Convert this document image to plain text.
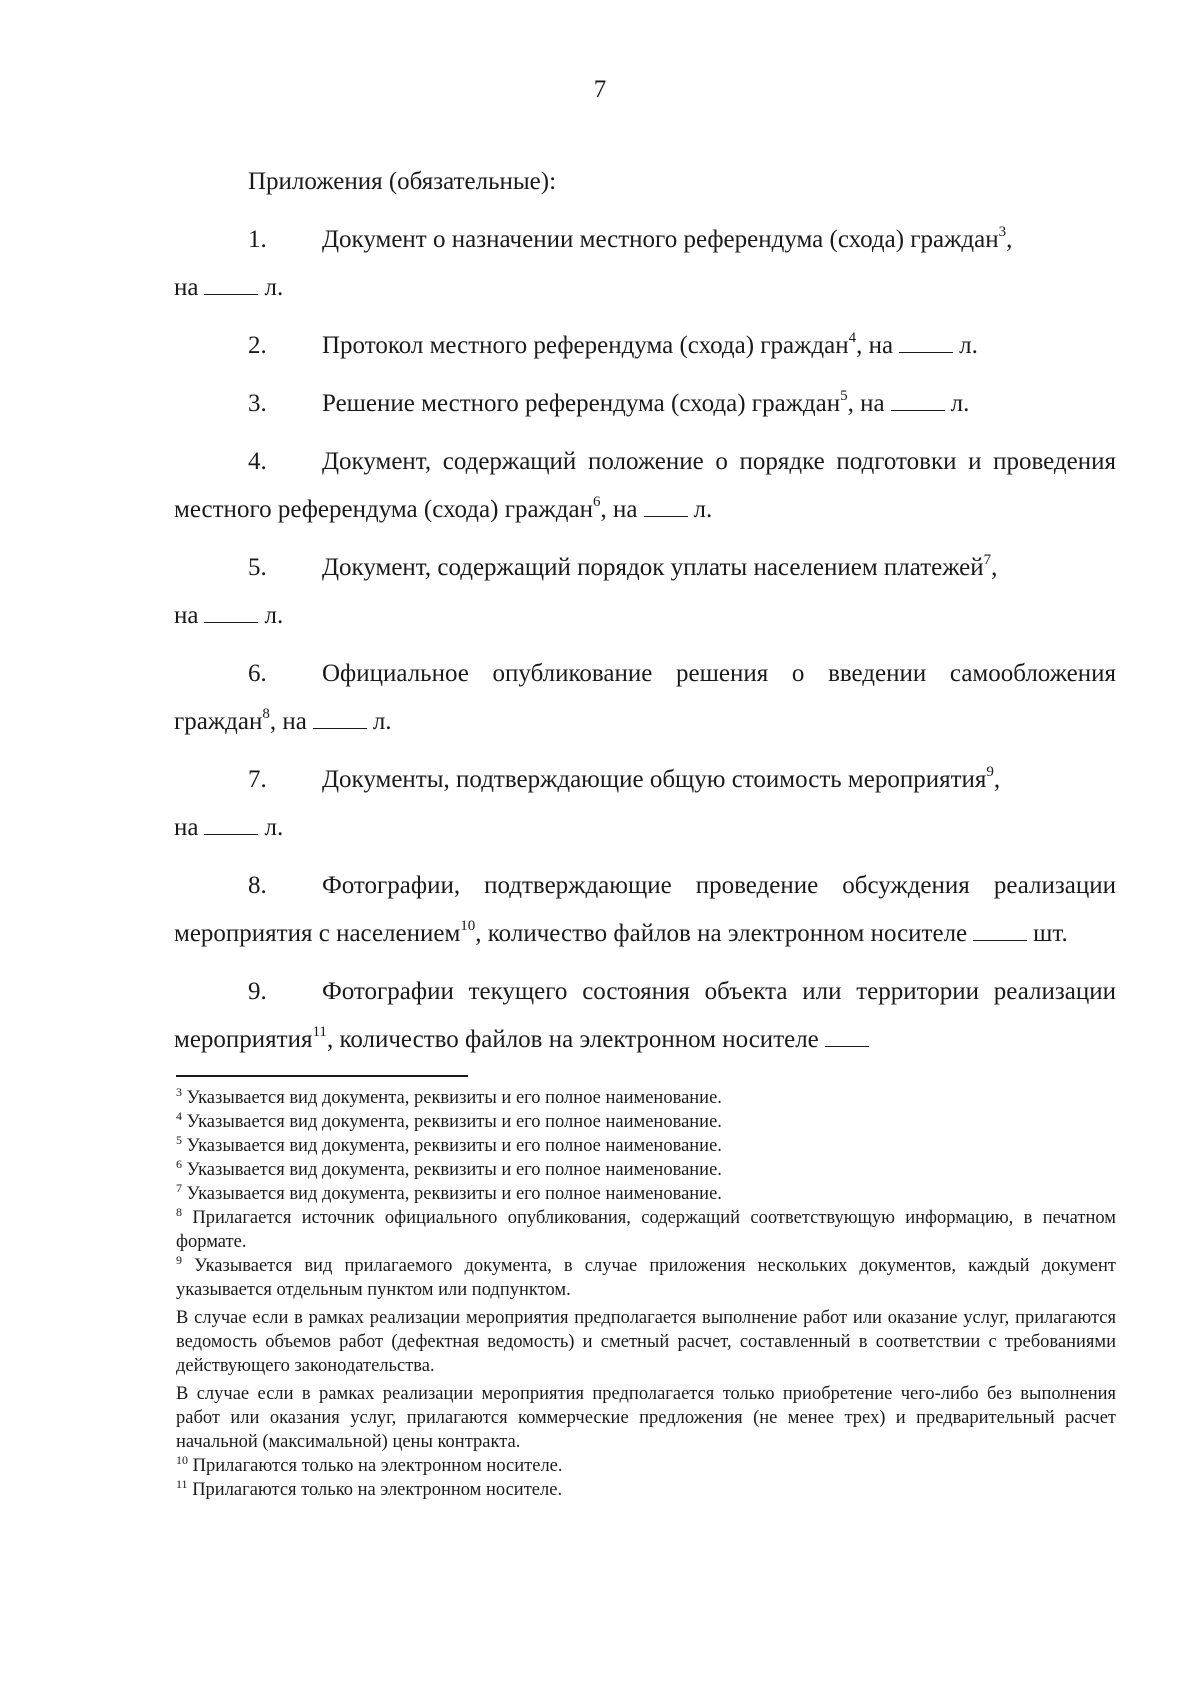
7

Приложения (обязательные):

1. Документ о назначении местного референдума (схода) граждан$^3$,
на	л.

2. Протокол местного референдума (схода) граждан$^4$, на	л.

3. Решение местного референдума (схода) граждан$^5$, на	л.

4. Документ, содержащий положение о порядке подготовки и проведения местного референдума (схода) граждан$^6$, на л.

5. Документ, содержащий порядок уплаты населением платежей$^7$,
на	л.

6. Официальное опубликование решения о введении самообложения граждан$^8$, на	л.

7. Документы, подтверждающие общую стоимость мероприятия$^9$,
на	л.

8. Фотографии, подтверждающие проведение обсуждения реализации мероприятия с населением$^{10}$, количество файлов на электронном носителе	шт.

9. Фотографии текущего состояния объекта или территории реализации мероприятия$^{11}$, количество файлов на электронном носителе

$^3$ Указывается вид документа, реквизиты и его полное наименование.

$^4$ Указывается вид документа, реквизиты и его полное наименование.

$^5$ Указывается вид документа, реквизиты и его полное наименование.

$^6$ Указывается вид документа, реквизиты и его полное наименование.

$^7$ Указывается вид документа, реквизиты и его полное наименование.

$^8$ Прилагается источник официального опубликования, содержащий соответствующую информацию, в печатном формате.

$^9$ Указывается вид прилагаемого документа, в случае приложения нескольких документов, каждый документ указывается отдельным пунктом или подпунктом.

В случае если в рамках реализации мероприятия предполагается выполнение работ или оказание услуг, прилагаются ведомость объемов работ (дефектная ведомость) и сметный расчет, составленный в соответствии с требованиями действующего законодательства.

В случае если в рамках реализации мероприятия предполагается только приобретение чего-либо без выполнения работ или оказания услуг, прилагаются коммерческие предложения (не менее трех) и предварительный расчет начальной (максимальной) цены контракта.

$^{10}$ Прилагаются только на электронном носителе.

$^{11}$ Прилагаются только на электронном носителе.
